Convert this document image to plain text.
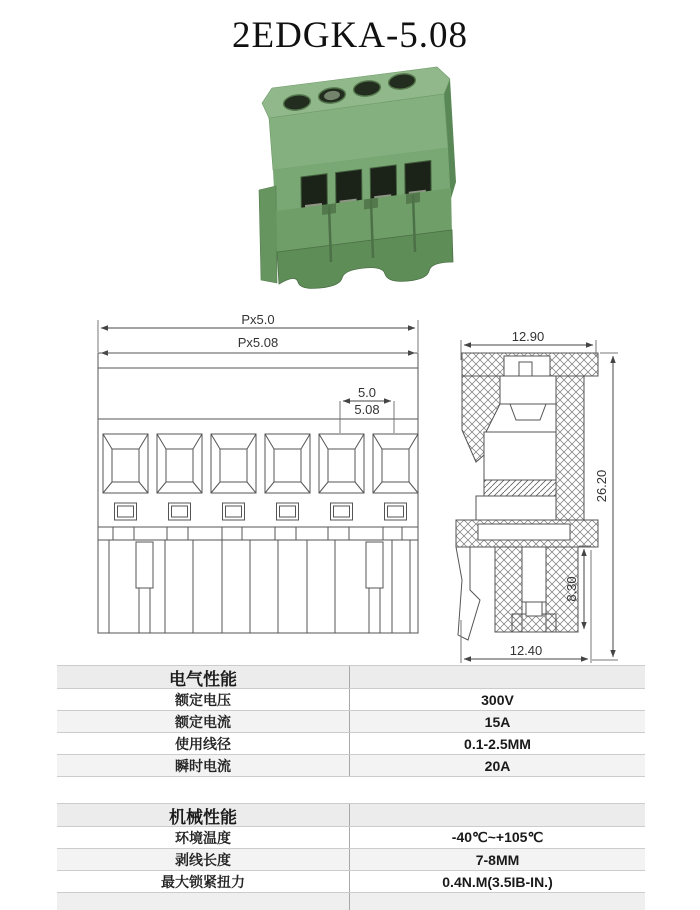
2EDGKA-5.08
Px5.0
Px5.08
5.0
5.08
12.90
26.20
8.30
12.40
电气性能
额定电压	300V
额定电流	15A
使用线径	0.1-2.5MM
瞬时电流	20A
机械性能
环境温度	-40℃~+105℃
剥线长度	7-8MM
最大锁紧扭力	0.4N.M(3.5IB-IN.)
